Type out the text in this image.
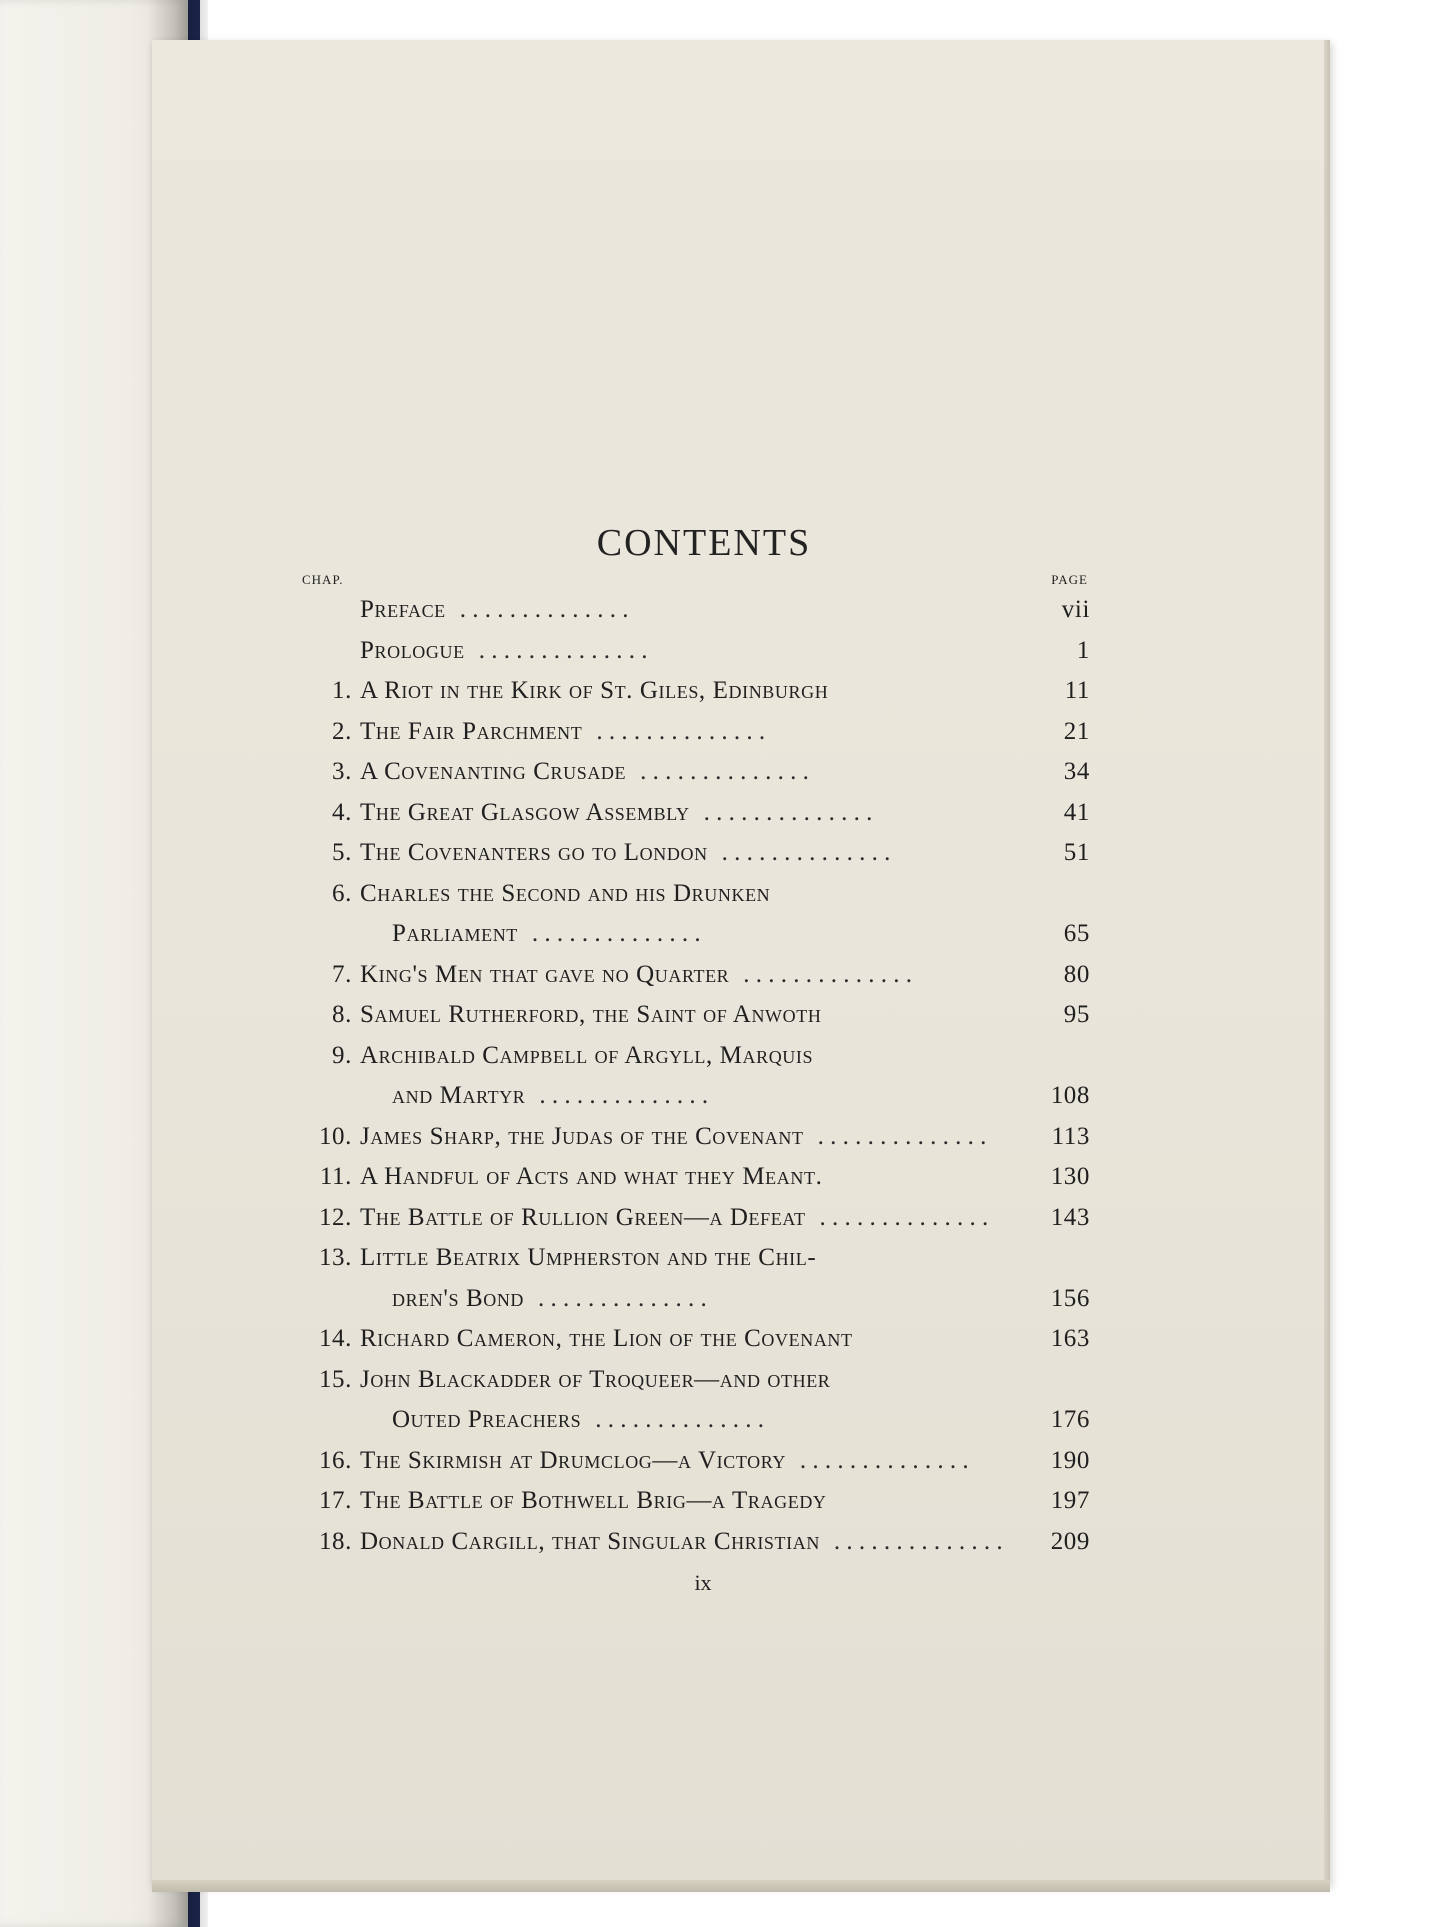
CONTENTS
CHAP.	PAGE
Preface .	vii
Prologue .	1
1. A Riot in the Kirk of St. Giles, Edinburgh	11
2. The Fair Parchment .	21
3. A Covenanting Crusade .	34
4. The Great Glasgow Assembly .	41
5. The Covenanters go to London .	51
6. Charles the Second and his Drunken
Parliament .	65
7. King's Men that gave no Quarter .	80
8. Samuel Rutherford, the Saint of Anwoth	95
9. Archibald Campbell of Argyll, Marquis
and Martyr .	108
10. James Sharp, the Judas of the Covenant .	113
11. A Handful of Acts and what they Meant.	130
12. The Battle of Rullion Green—a Defeat .	143
13. Little Beatrix Umpherston and the Chil-
dren's Bond .	156
14. Richard Cameron, the Lion of the Covenant	163
15. John Blackadder of Troqueer—and other
Outed Preachers .	176
16. The Skirmish at Drumclog—a Victory .	190
17. The Battle of Bothwell Brig—a Tragedy	197
18. Donald Cargill, that Singular Christian .	209
ix
